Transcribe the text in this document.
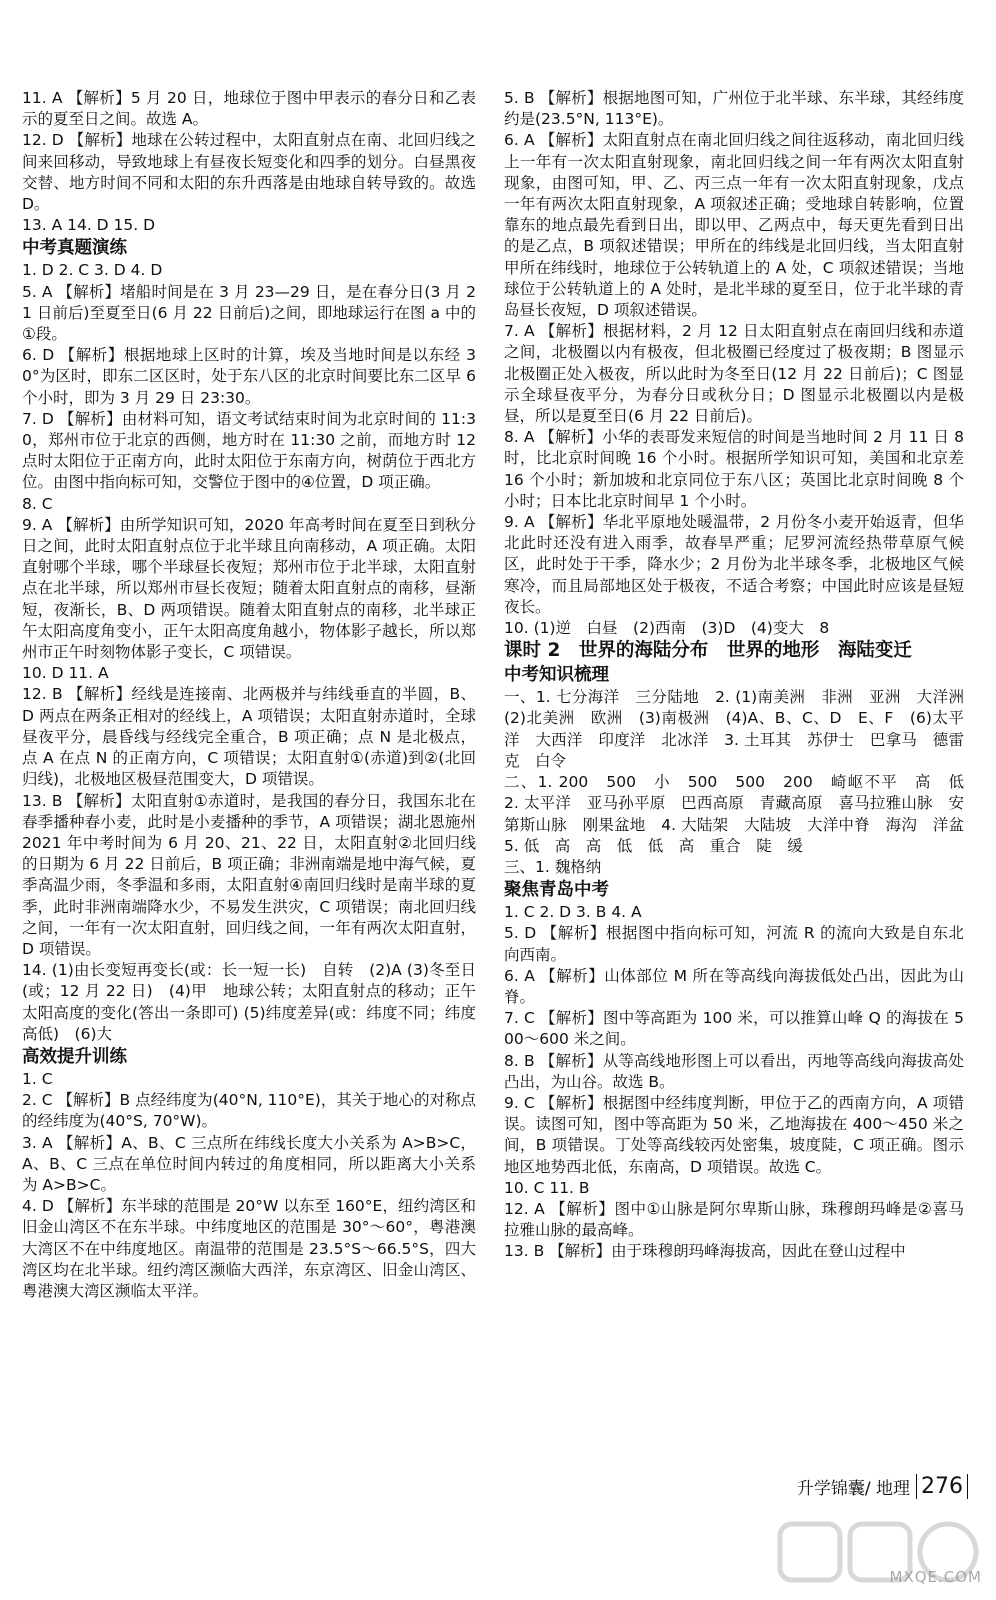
11. A 【解析】5 月 20 日，地球位于图中甲表示的春分日和乙表示的夏至日之间。故选 A。
12. D 【解析】地球在公转过程中，太阳直射点在南、北回归线之间来回移动，导致地球上有昼夜长短变化和四季的划分。白昼黑夜交替、地方时间不同和太阳的东升西落是由地球自转导致的。故选 D。
13. A 14. D 15. D
中考真题演练
1. D 2. C 3. D 4. D
5. A 【解析】堵船时间是在 3 月 23—29 日，是在春分日(3 月 21 日前后)至夏至日(6 月 22 日前后)之间，即地球运行在图 a 中的①段。
6. D 【解析】根据地球上区时的计算，埃及当地时间是以东经 30°为区时，即东二区区时，处于东八区的北京时间要比东二区早 6 个小时，即为 3 月 29 日 23:30。
7. D 【解析】由材料可知，语文考试结束时间为北京时间的 11:30，郑州市位于北京的西侧，地方时在 11:30 之前，而地方时 12 点时太阳位于正南方向，此时太阳位于东南方向，树荫位于西北方位。由图中指向标可知，交警位于图中的④位置，D 项正确。
8. C
9. A 【解析】由所学知识可知，2020 年高考时间在夏至日到秋分日之间，此时太阳直射点位于北半球且向南移动，A 项正确。太阳直射哪个半球，哪个半球昼长夜短；郑州市位于北半球，太阳直射点在北半球，所以郑州市昼长夜短；随着太阳直射点的南移，昼渐短，夜渐长，B、D 两项错误。随着太阳直射点的南移，北半球正午太阳高度角变小，正午太阳高度角越小，物体影子越长，所以郑州市正午时刻物体影子变长，C 项错误。
10. D 11. A
12. B 【解析】经线是连接南、北两极并与纬线垂直的半圆，B、D 两点在两条正相对的经线上，A 项错误；太阳直射赤道时，全球昼夜平分，晨昏线与经线完全重合，B 项正确；点 N 是北极点，点 A 在点 N 的正南方向，C 项错误；太阳直射①(赤道)到②(北回归线)，北极地区极昼范围变大，D 项错误。
13. B 【解析】太阳直射①赤道时，是我国的春分日，我国东北在春季播种春小麦，此时是小麦播种的季节，A 项错误；湖北恩施州 2021 年中考时间为 6 月 20、21、22 日，太阳直射②北回归线的日期为 6 月 22 日前后，B 项正确；非洲南端是地中海气候，夏季高温少雨，冬季温和多雨，太阳直射④南回归线时是南半球的夏季，此时非洲南端降水少，不易发生洪灾，C 项错误；南北回归线之间，一年有一次太阳直射，回归线之间，一年有两次太阳直射，D 项错误。
14. (1)由长变短再变长(或：长一短一长)　自转　(2)A (3)冬至日(或；12 月 22 日)　(4)甲　地球公转；太阳直射点的移动；正午太阳高度的变化(答出一条即可) (5)纬度差异(或：纬度不同；纬度高低)　(6)大
高效提升训练
1. C
2. C 【解析】B 点经纬度为(40°N, 110°E)，其关于地心的对称点的经纬度为(40°S, 70°W)。
3. A 【解析】A、B、C 三点所在纬线长度大小关系为 A>B>C，A、B、C 三点在单位时间内转过的角度相同，所以距离大小关系为 A>B>C。
4. D 【解析】东半球的范围是 20°W 以东至 160°E，纽约湾区和旧金山湾区不在东半球。中纬度地区的范围是 30°～60°，粤港澳大湾区不在中纬度地区。南温带的范围是 23.5°S～66.5°S，四大湾区均在北半球。纽约湾区濒临大西洋，东京湾区、旧金山湾区、粤港澳大湾区濒临太平洋。
5. B 【解析】根据地图可知，广州位于北半球、东半球，其经纬度约是(23.5°N, 113°E)。
6. A 【解析】太阳直射点在南北回归线之间往返移动，南北回归线上一年有一次太阳直射现象，南北回归线之间一年有两次太阳直射现象，由图可知，甲、乙、丙三点一年有一次太阳直射现象，戊点一年有两次太阳直射现象，A 项叙述正确；受地球自转影响，位置靠东的地点最先看到日出，即以甲、乙两点中，每天更先看到日出的是乙点，B 项叙述错误；甲所在的纬线是北回归线，当太阳直射甲所在纬线时，地球位于公转轨道上的 A 处，C 项叙述错误；当地球位于公转轨道上的 A 处时，是北半球的夏至日，位于北半球的青岛昼长夜短，D 项叙述错误。
7. A 【解析】根据材料，2 月 12 日太阳直射点在南回归线和赤道之间，北极圈以内有极夜，但北极圈已经度过了极夜期；B 图显示北极圈正处入极夜，所以此时为冬至日(12 月 22 日前后)；C 图显示全球昼夜平分，为春分日或秋分日；D 图显示北极圈以内是极昼，所以是夏至日(6 月 22 日前后)。
8. A 【解析】小华的表哥发来短信的时间是当地时间 2 月 11 日 8 时，比北京时间晚 16 个小时。根据所学知识可知，美国和北京差 16 个小时；新加坡和北京同位于东八区；英国比北京时间晚 8 个小时；日本比北京时间早 1 个小时。
9. A 【解析】华北平原地处暖温带，2 月份冬小麦开始返青，但华北此时还没有进入雨季，故春旱严重；尼罗河流经热带草原气候区，此时处于干季，降水少；2 月份为北半球冬季，北极地区气候寒冷，而且局部地区处于极夜，不适合考察；中国此时应该是昼短夜长。
10. (1)逆　白昼　(2)西南　(3)D　(4)变大　8
课时 2　世界的海陆分布　世界的地形　海陆变迁
中考知识梳理
一、1. 七分海洋　三分陆地　2. (1)南美洲　非洲　亚洲　大洋洲　(2)北美洲　欧洲　(3)南极洲　(4)A、B、C、D　E、F　(6)太平洋　大西洋　印度洋　北冰洋　3. 土耳其　苏伊士　巴拿马　德雷克　白令
二、1. 200　500　小　500　500　200　崎岖不平　高　低　2. 太平洋　亚马孙平原　巴西高原　青藏高原　喜马拉雅山脉　安第斯山脉　刚果盆地　4. 大陆架　大陆坡　大洋中脊　海沟　洋盆　5. 低　高　高　低　低　高　重合　陡　缓
三、1. 魏格纳
聚焦青岛中考
1. C 2. D 3. B 4. A
5. D 【解析】根据图中指向标可知，河流 R 的流向大致是自东北向西南。
6. A 【解析】山体部位 M 所在等高线向海拔低处凸出，因此为山脊。
7. C 【解析】图中等高距为 100 米，可以推算山峰 Q 的海拔在 500～600 米之间。
8. B 【解析】从等高线地形图上可以看出，丙地等高线向海拔高处凸出，为山谷。故选 B。
9. C 【解析】根据图中经纬度判断，甲位于乙的西南方向，A 项错误。读图可知，图中等高距为 50 米，乙地海拔在 400～450 米之间，B 项错误。丁处等高线较丙处密集，坡度陡，C 项正确。图示地区地势西北低，东南高，D 项错误。故选 C。
10. C 11. B
12. A 【解析】图中①山脉是阿尔卑斯山脉，珠穆朗玛峰是②喜马拉雅山脉的最高峰。
13. B 【解析】由于珠穆朗玛峰海拔高，因此在登山过程中
升学锦囊/ 地理 276
MXQE.COM
